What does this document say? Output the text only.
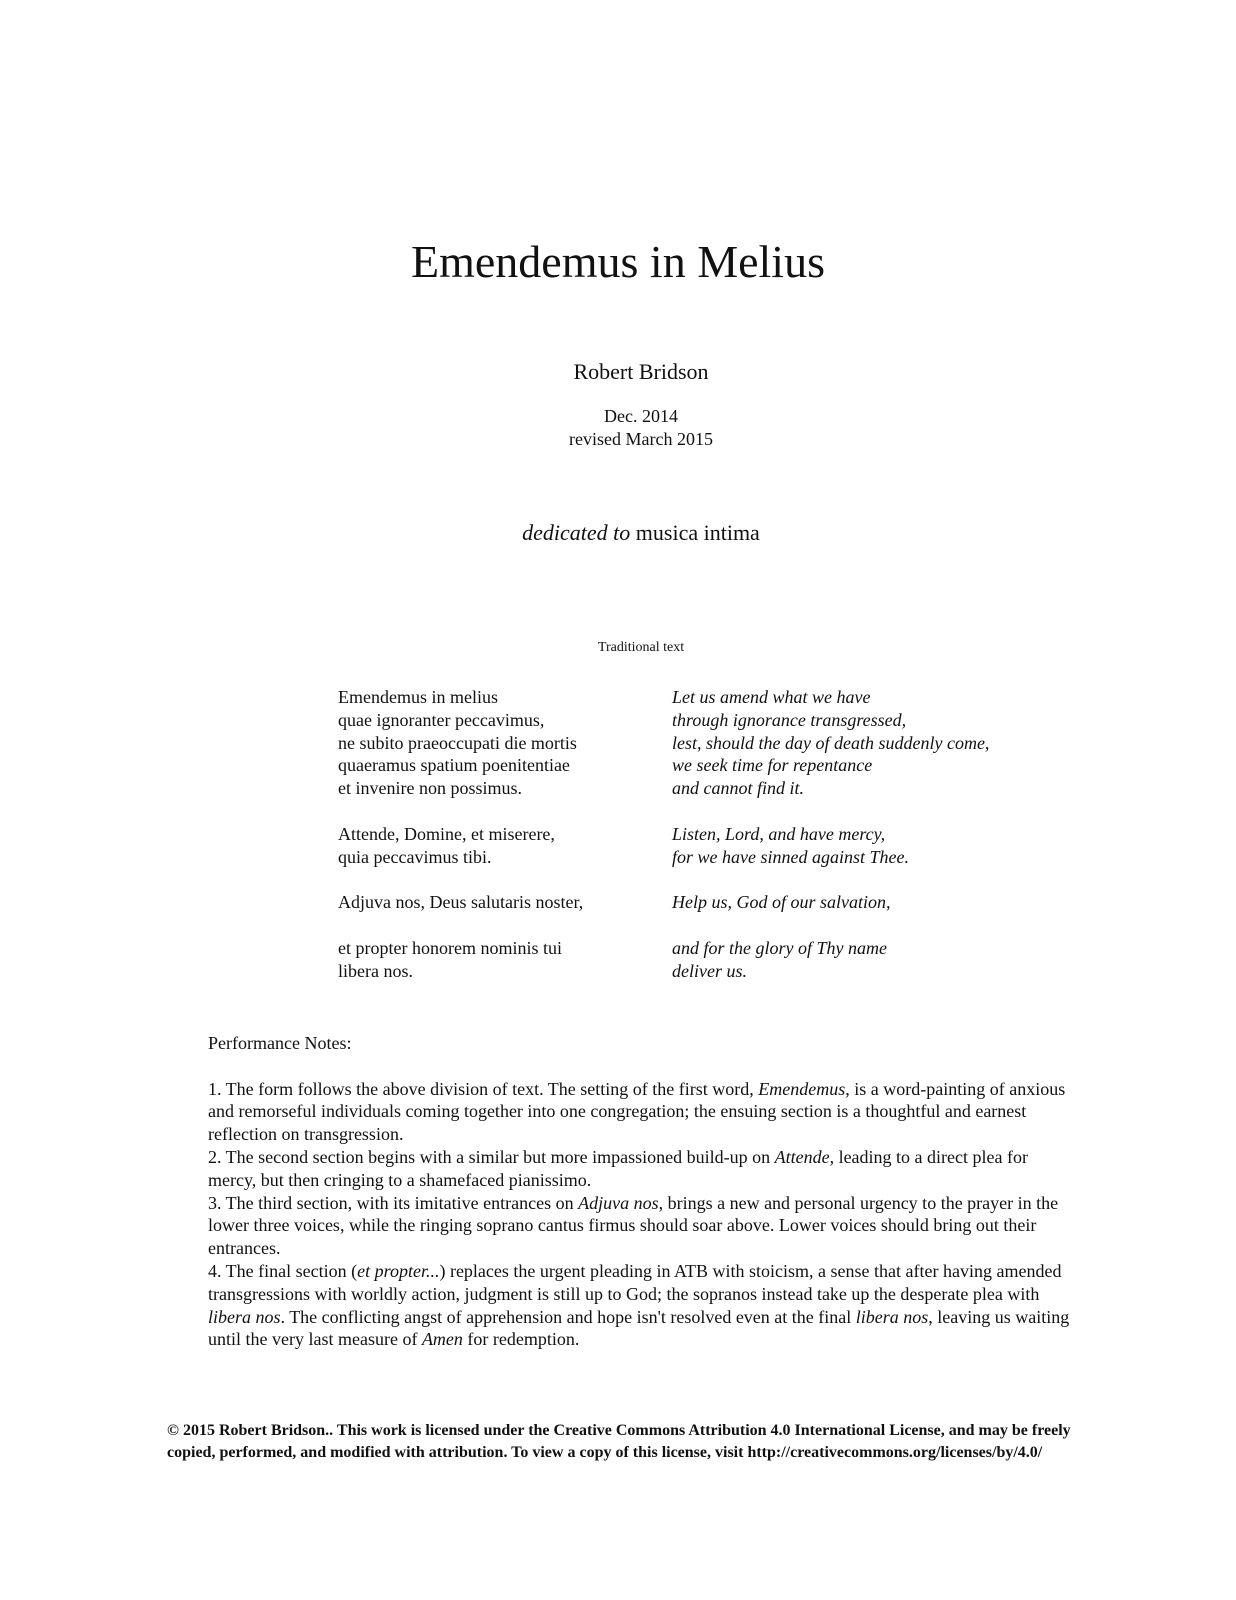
Emendemus in Melius
Robert Bridson
Dec. 2014
revised March 2015
dedicated to musica intima
Traditional text
Emendemus in melius
quae ignoranter peccavimus,
ne subito praeoccupati die mortis
quaeramus spatium poenitentiae
et invenire non possimus.
Attende, Domine, et miserere,
quia peccavimus tibi.
Adjuva nos, Deus salutaris noster,
et propter honorem nominis tui
libera nos.
Let us amend what we have
through ignorance transgressed,
lest, should the day of death suddenly come,
we seek time for repentance
and cannot find it.
Listen, Lord, and have mercy,
for we have sinned against Thee.
Help us, God of our salvation,
and for the glory of Thy name
deliver us.
Performance Notes:

1. The form follows the above division of text. The setting of the first word, Emendemus, is a word-painting of anxious and remorseful individuals coming together into one congregation; the ensuing section is a thoughtful and earnest reflection on transgression.

2. The second section begins with a similar but more impassioned build-up on Attende, leading to a direct plea for mercy, but then cringing to a shamefaced pianissimo.

3. The third section, with its imitative entrances on Adjuva nos, brings a new and personal urgency to the prayer in the lower three voices, while the ringing soprano cantus firmus should soar above. Lower voices should bring out their entrances.

4. The final section (et propter...) replaces the urgent pleading in ATB with stoicism, a sense that after having amended transgressions with worldly action, judgment is still up to God; the sopranos instead take up the desperate plea with libera nos. The conflicting angst of apprehension and hope isn't resolved even at the final libera nos, leaving us waiting until the very last measure of Amen for redemption.

© 2015 Robert Bridson.. This work is licensed under the Creative Commons Attribution 4.0 International License, and may be freely
copied, performed, and modified with attribution. To view a copy of this license, visit http://creativecommons.org/licenses/by/4.0/
